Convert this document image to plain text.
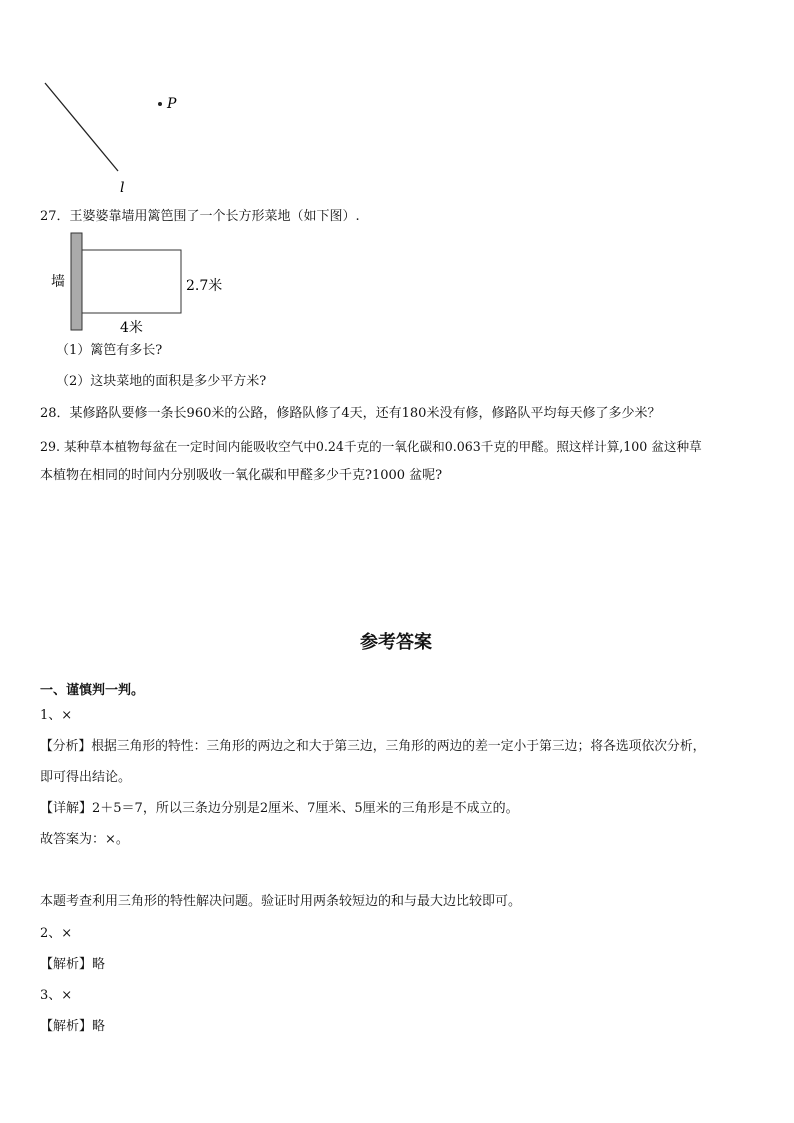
P
l
27．王婆婆靠墙用篱笆围了一个长方形菜地（如下图）.
墙	2.7米
4米
（1）篱笆有多长?
（2）这块菜地的面积是多少平方米?
28．某修路队要修一条长960米的公路，修路队修了4天，还有180米没有修，修路队平均每天修了多少米？
29. 某种草本植物每盆在一定时间内能吸收空气中0.24千克的一氧化碳和0.063千克的甲醛。照这样计算,100 盆这种草
本植物在相同的时间内分别吸收一氧化碳和甲醛多少千克?1000 盆呢?
参考答案
一、谨慎判一判。
1、×
【分析】根据三角形的特性：三角形的两边之和大于第三边，三角形的两边的差一定小于第三边；将各选项依次分析，
即可得出结论。
【详解】2＋5＝7，所以三条边分别是2厘米、7厘米、5厘米的三角形是不成立的。
故答案为：×。
本题考查利用三角形的特性解决问题。验证时用两条较短边的和与最大边比较即可。
2、×
【解析】略
3、×
【解析】略
